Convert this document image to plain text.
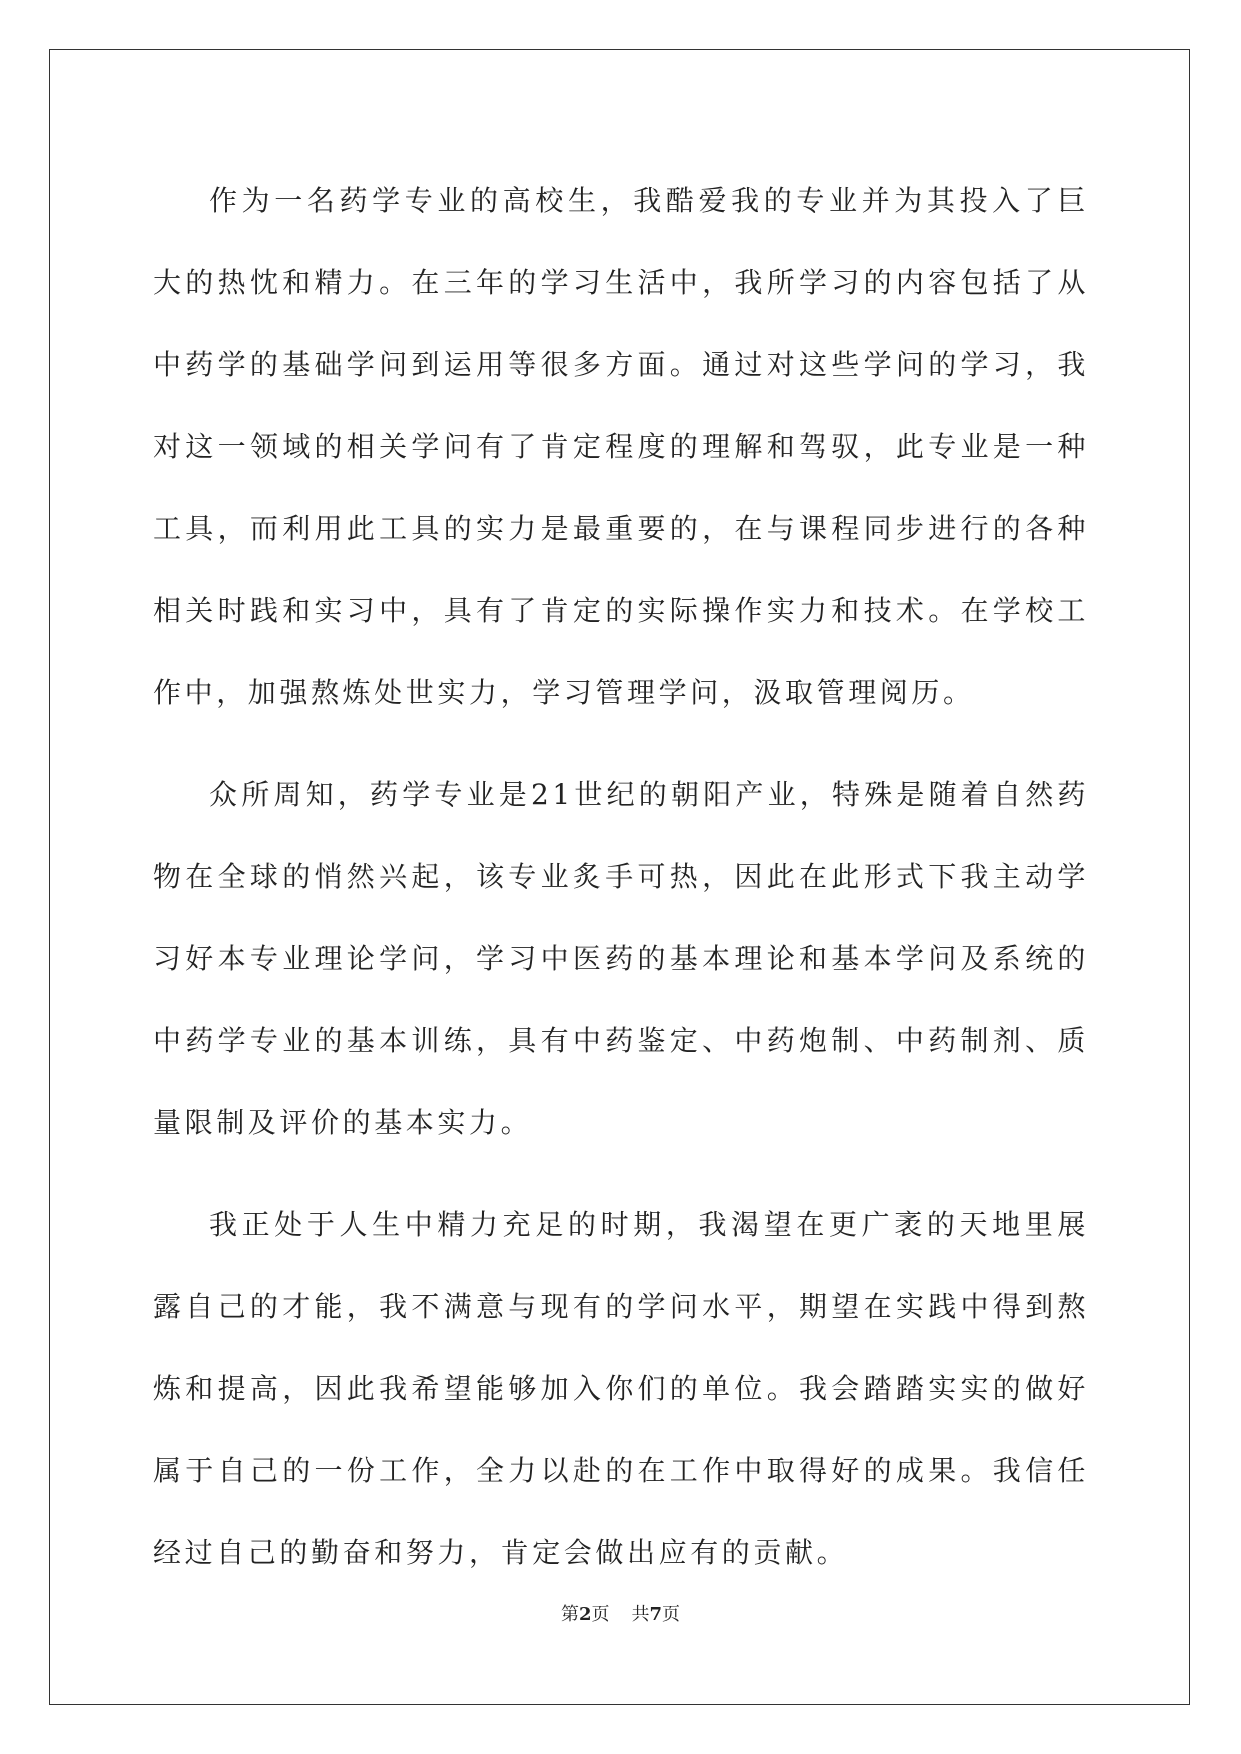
作为一名药学专业的高校生，我酷爱我的专业并为其投入了巨大的热忱和精力。在三年的学习生活中，我所学习的内容包括了从中药学的基础学问到运用等很多方面。通过对这些学问的学习，我对这一领域的相关学问有了肯定程度的理解和驾驭，此专业是一种工具，而利用此工具的实力是最重要的，在与课程同步进行的各种相关时践和实习中，具有了肯定的实际操作实力和技术。在学校工作中，加强熬炼处世实力，学习管理学问，汲取管理阅历。

众所周知，药学专业是21世纪的朝阳产业，特殊是随着自然药物在全球的悄然兴起，该专业炙手可热，因此在此形式下我主动学习好本专业理论学问，学习中医药的基本理论和基本学问及系统的中药学专业的基本训练，具有中药鉴定、中药炮制、中药制剂、质量限制及评价的基本实力。

我正处于人生中精力充足的时期，我渴望在更广袤的天地里展露自己的才能，我不满意与现有的学问水平，期望在实践中得到熬炼和提高，因此我希望能够加入你们的单位。我会踏踏实实的做好属于自己的一份工作，全力以赴的在工作中取得好的成果。我信任经过自己的勤奋和努力，肯定会做出应有的贡献。

第2页 共7页
